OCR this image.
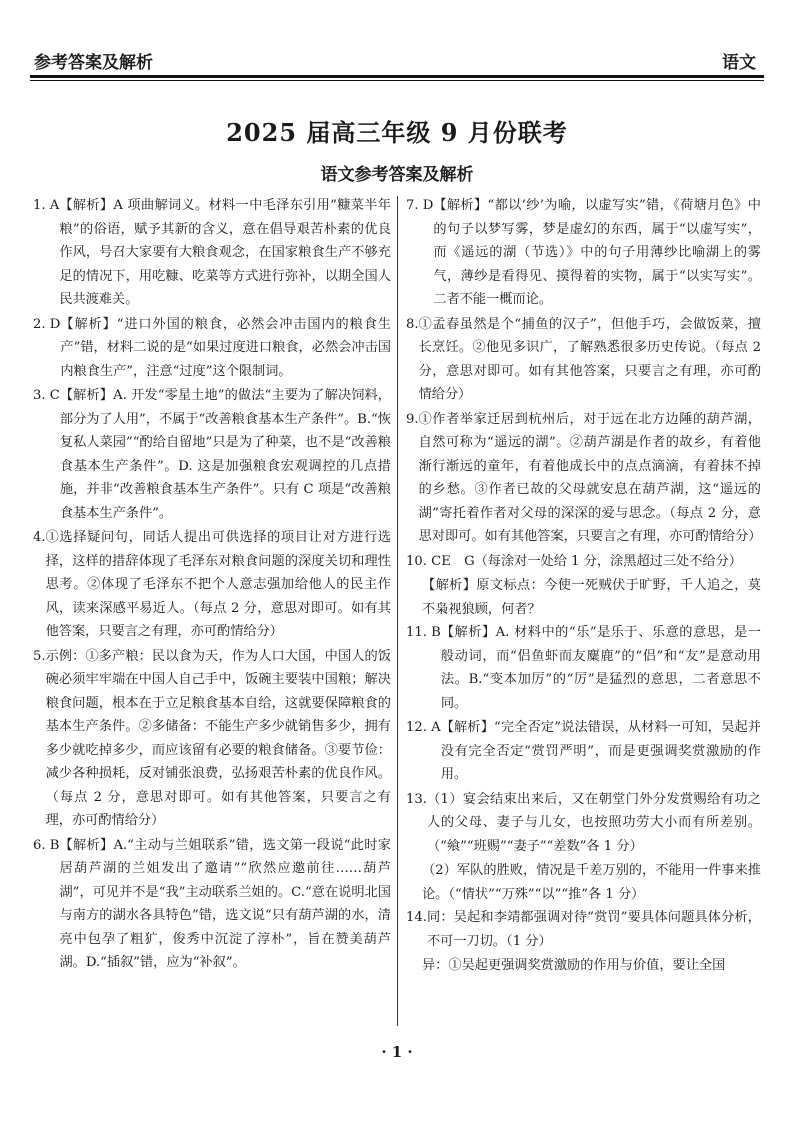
参考答案及解析	语文
2025 届高三年级 9 月份联考
语文参考答案及解析
1. A 【解析】A 项曲解词义。材料一中毛泽东引用“糠菜半年粮”的俗语，赋予其新的含义，意在倡导艰苦朴素的优良作风，号召大家要有大粮食观念，在国家粮食生产不够充足的情况下，用吃糠、吃菜等方式进行弥补，以期全国人民共渡难关。
2. D 【解析】“进口外国的粮食，必然会冲击国内的粮食生产”错，材料二说的是“如果过度进口粮食，必然会冲击国内粮食生产”，注意“过度”这个限制词。
3. C 【解析】A. 开发“零星土地”的做法“主要为了解决饲料，部分为了人用”，不属于“改善粮食基本生产条件”。B.“恢复私人菜园”“酌给自留地”只是为了种菜，也不是“改善粮食基本生产条件”。D. 这是加强粮食宏观调控的几点措施，并非“改善粮食基本生产条件”。只有 C 项是“改善粮食基本生产条件”。
4. ①选择疑问句，同话人提出可供选择的项目让对方进行选择，这样的措辞体现了毛泽东对粮食问题的深度关切和理性思考。②体现了毛泽东不把个人意志强加给他人的民主作风，读来深感平易近人。（每点 2 分，意思对即可。如有其他答案，只要言之有理，亦可酌情给分）
5. 示例：①多产粮：民以食为天，作为人口大国，中国人的饭碗必须牢牢端在中国人自己手中，饭碗主要装中国粮；解决粮食问题，根本在于立足粮食基本自给，这就要保障粮食的基本生产条件。②多储备：不能生产多少就销售多少，拥有多少就吃掉多少，而应该留有必要的粮食储备。③要节俭：减少各种损耗，反对铺张浪费，弘扬艰苦朴素的优良作风。（每点 2 分，意思对即可。如有其他答案，只要言之有理，亦可酌情给分）
6. B 【解析】A.“主动与兰姐联系”错，选文第一段说“此时家居葫芦湖的兰姐发出了邀请”“欣然应邀前往……葫芦湖”，可见并不是“我”主动联系兰姐的。C.“意在说明北国与南方的湖水各具特色”错，选文说“只有葫芦湖的水，清亮中包孕了粗犷，俊秀中沉淀了淳朴”，旨在赞美葫芦湖。D.“插叙”错，应为“补叙”。
7. D 【解析】“都以‘纱’为喻，以虚写实”错，《荷塘月色》中的句子以梦写雾，梦是虚幻的东西，属于“以虚写实”，而《遥远的湖（节选）》中的句子用薄纱比喻湖上的雾气，薄纱是看得见、摸得着的实物，属于“以实写实”。二者不能一概而论。
8. ①孟春虽然是个“捕鱼的汉子”，但他手巧，会做饭菜，擅长烹饪。②他见多识广，了解熟悉很多历史传说。（每点 2 分，意思对即可。如有其他答案，只要言之有理，亦可酌情给分）
9. ①作者举家迁居到杭州后，对于远在北方边陲的葫芦湖，自然可称为“遥远的湖”。②葫芦湖是作者的故乡，有着他渐行渐远的童年，有着他成长中的点点滴滴，有着抹不掉的乡愁。③作者已故的父母就安息在葫芦湖，这“遥远的湖”寄托着作者对父母的深深的爱与思念。（每点 2 分，意思对即可。如有其他答案，只要言之有理，亦可酌情给分）
10. C E　G（每涂对一处给 1 分，涂黑超过三处不给分）
【解析】原文标点：今使一死贼伏于旷野，千人追之，莫不枭视狼顾，何者？
11. B 【解析】A. 材料中的“乐”是乐于、乐意的意思，是一般动词，而“侣鱼虾而友麋鹿”的“侣”和“友”是意动用法。B.“变本加厉”的“厉”是猛烈的意思，二者意思不同。
12. A 【解析】“完全否定”说法错误，从材料一可知，吴起并没有完全否定“赏罚严明”，而是更强调奖赏激励的作用。
13. （1）宴会结束出来后，又在朝堂门外分发赏赐给有功之人的父母、妻子与儿女，也按照功劳大小而有所差别。（“飨”“班赐”“妻子”“差数”各 1 分）
（2）军队的胜败，情况是千差万别的，不能用一件事来推论。（“情状”“万殊”“以”“推”各 1 分）
14. 同：吴起和李靖都强调对待“赏罚”要具体问题具体分析，不可一刀切。（1 分）
异：①吴起更强调奖赏激励的作用与价值，要让全国
· 1 ·
